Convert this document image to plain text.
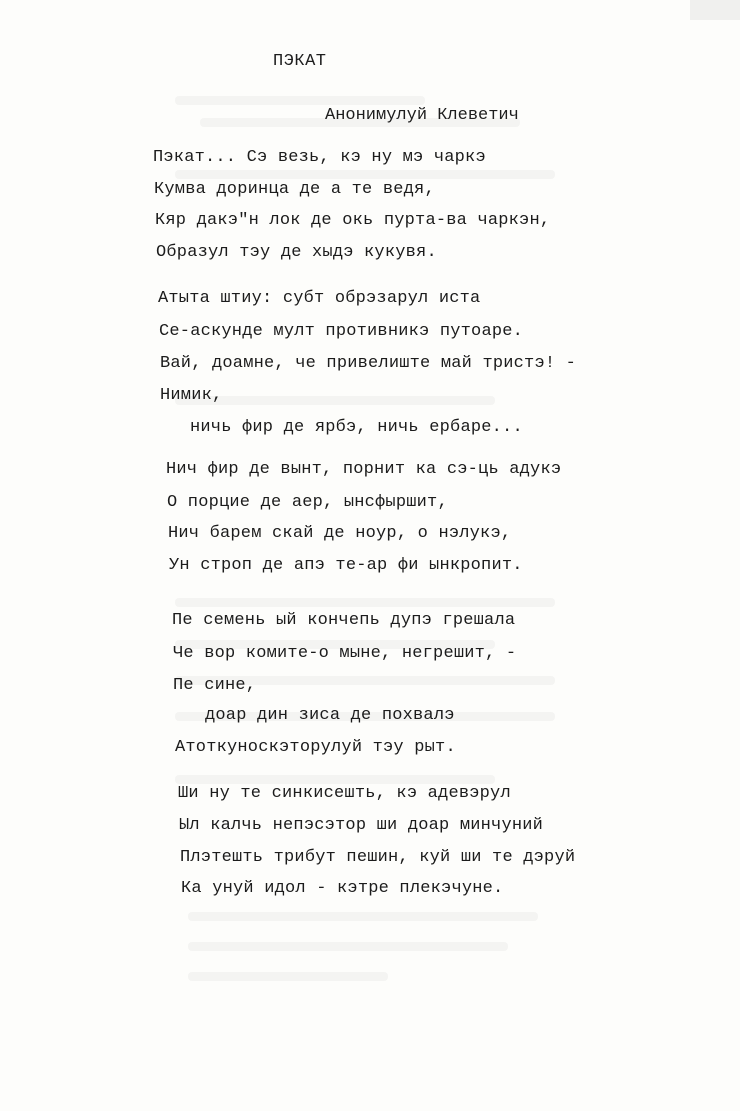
ПЭКАТ
Анонимулуй Клеветич
Пэкат... Сэ везь, кэ ну мэ чаркэ
Кумва доринца де а те ведя,
Кяр дакэ"н лок де окь пурта-ва чаркэн,
Образул тэу де хыдэ кукувя.
Атыта штиу: субт обрэзарул иста
Се-аскунде мулт противникэ путоаре.
Вай, доамне, че привелиште май тристэ! -
Нимик,
ничь фир де ярбэ, ничь ербаре...
Нич фир де вынт, порнит ка сэ-ць адукэ
О порцие де аер, ынсфыршит,
Нич барем скай де ноур, о нэлукэ,
Ун строп де апэ те-ар фи ынкропит.
Пе семень ый кончепь дупэ грешала
Че вор комите-о мыне, негрешит, -
Пе сине,
доар дин зиса де похвалэ
Атоткуноскэторулуй тэу рыт.
Ши ну те синкисешть, кэ адевэрул
Ыл калчь непэсэтор ши доар минчуний
Плэтешть трибут пешин, куй ши те дэруй
Ка унуй идол - кэтре плекэчуне.
